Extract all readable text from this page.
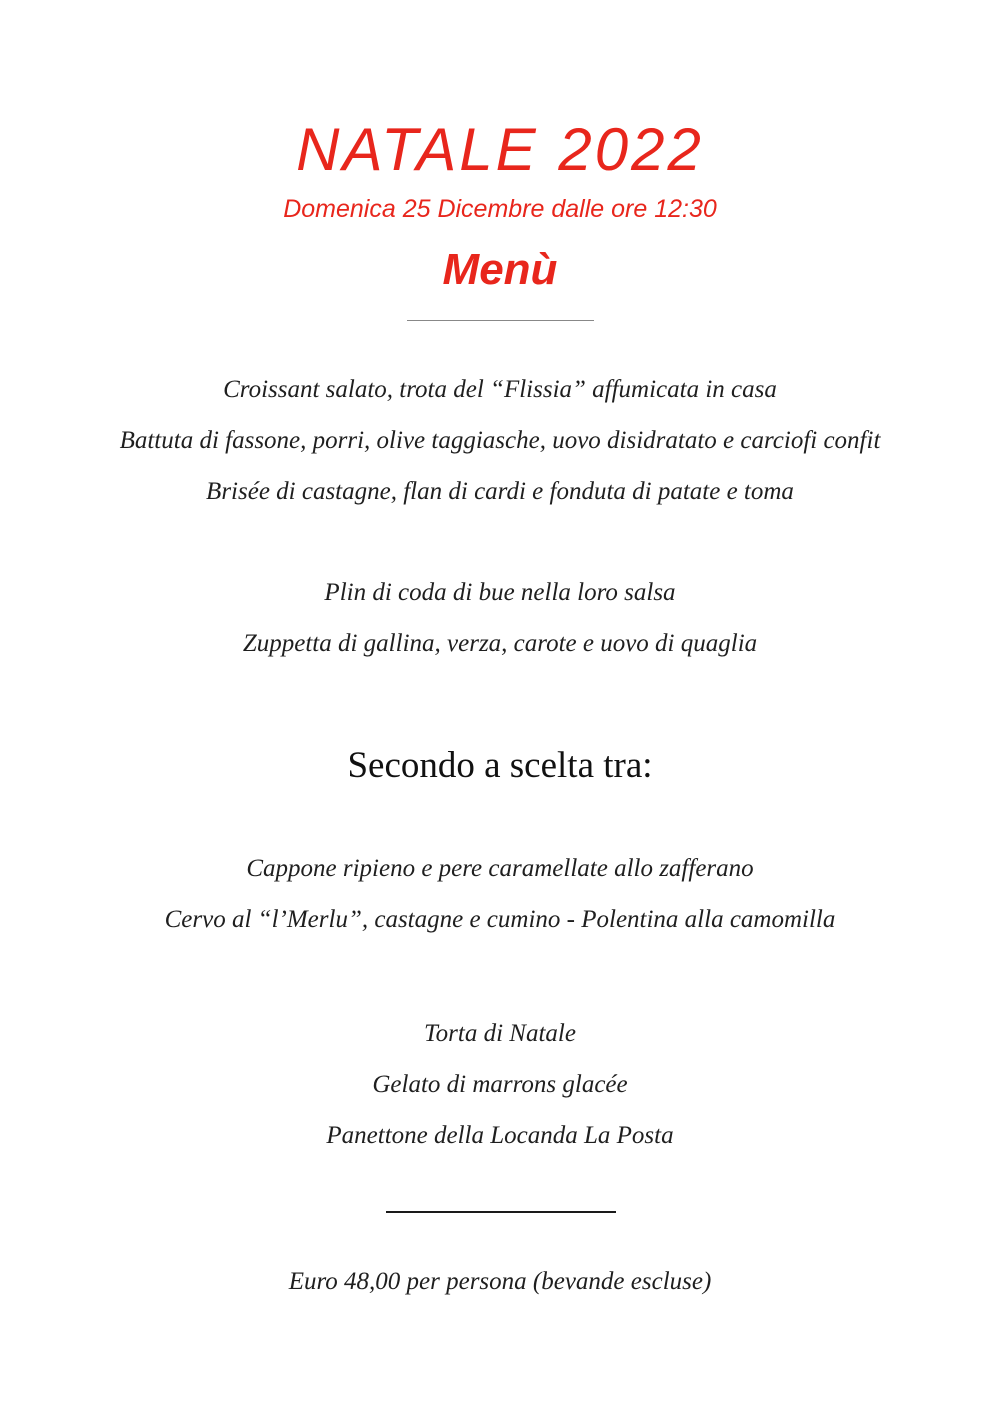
NATALE 2022
Domenica 25 Dicembre dalle ore 12:30
Menù
Croissant salato, trota del “Flissia” affumicata in casa
Battuta di fassone, porri, olive taggiasche, uovo disidratato e carciofi confit
Brisée di castagne, flan di cardi e fonduta di patate e toma
Plin di coda di bue nella loro salsa
Zuppetta di gallina, verza, carote e uovo di quaglia
Secondo a scelta tra:
Cappone ripieno e pere caramellate allo zafferano
Cervo al “l’Merlu”, castagne e cumino - Polentina alla camomilla
Torta di Natale
Gelato di marrons glacée
Panettone della Locanda La Posta
Euro 48,00 per persona (bevande escluse)
